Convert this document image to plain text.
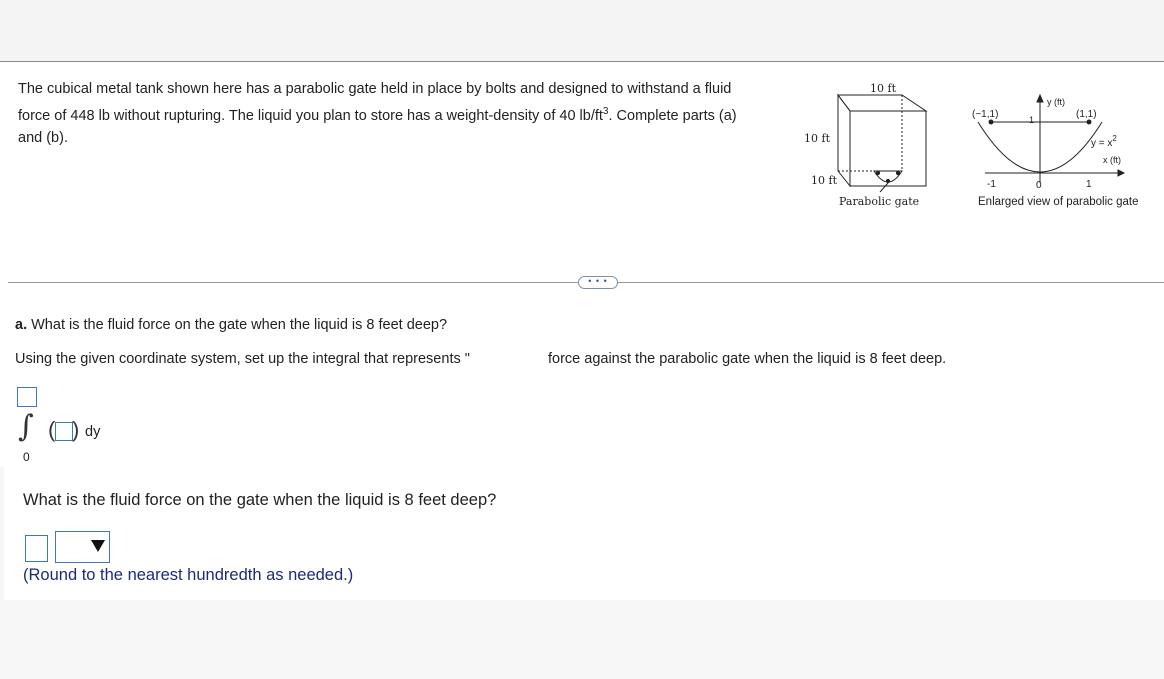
The cubical metal tank shown here has a parabolic gate held in place by bolts and designed to withstand a fluid
force of 448 lb without rupturing. The liquid you plan to store has a weight-density of 40 $lb/ft^3$. Complete parts (a)
and (b).
10 ft
10 ft
10 ft
Parabolic gate
(−1,1)	(1,1)
y (ft)
x (ft)
$y = x^2$
-1	0	1
1
Enlarged view of parabolic gate
• • •
a. What is the fluid force on the gate when the liquid is 8 feet deep?
Using the given coordinate system, set up the integral that represents "	force against the parabolic gate when the liquid is 8 feet deep.
∫ ( ) dy
0
What is the fluid force on the gate when the liquid is 8 feet deep?
(Round to the nearest hundredth as needed.)
